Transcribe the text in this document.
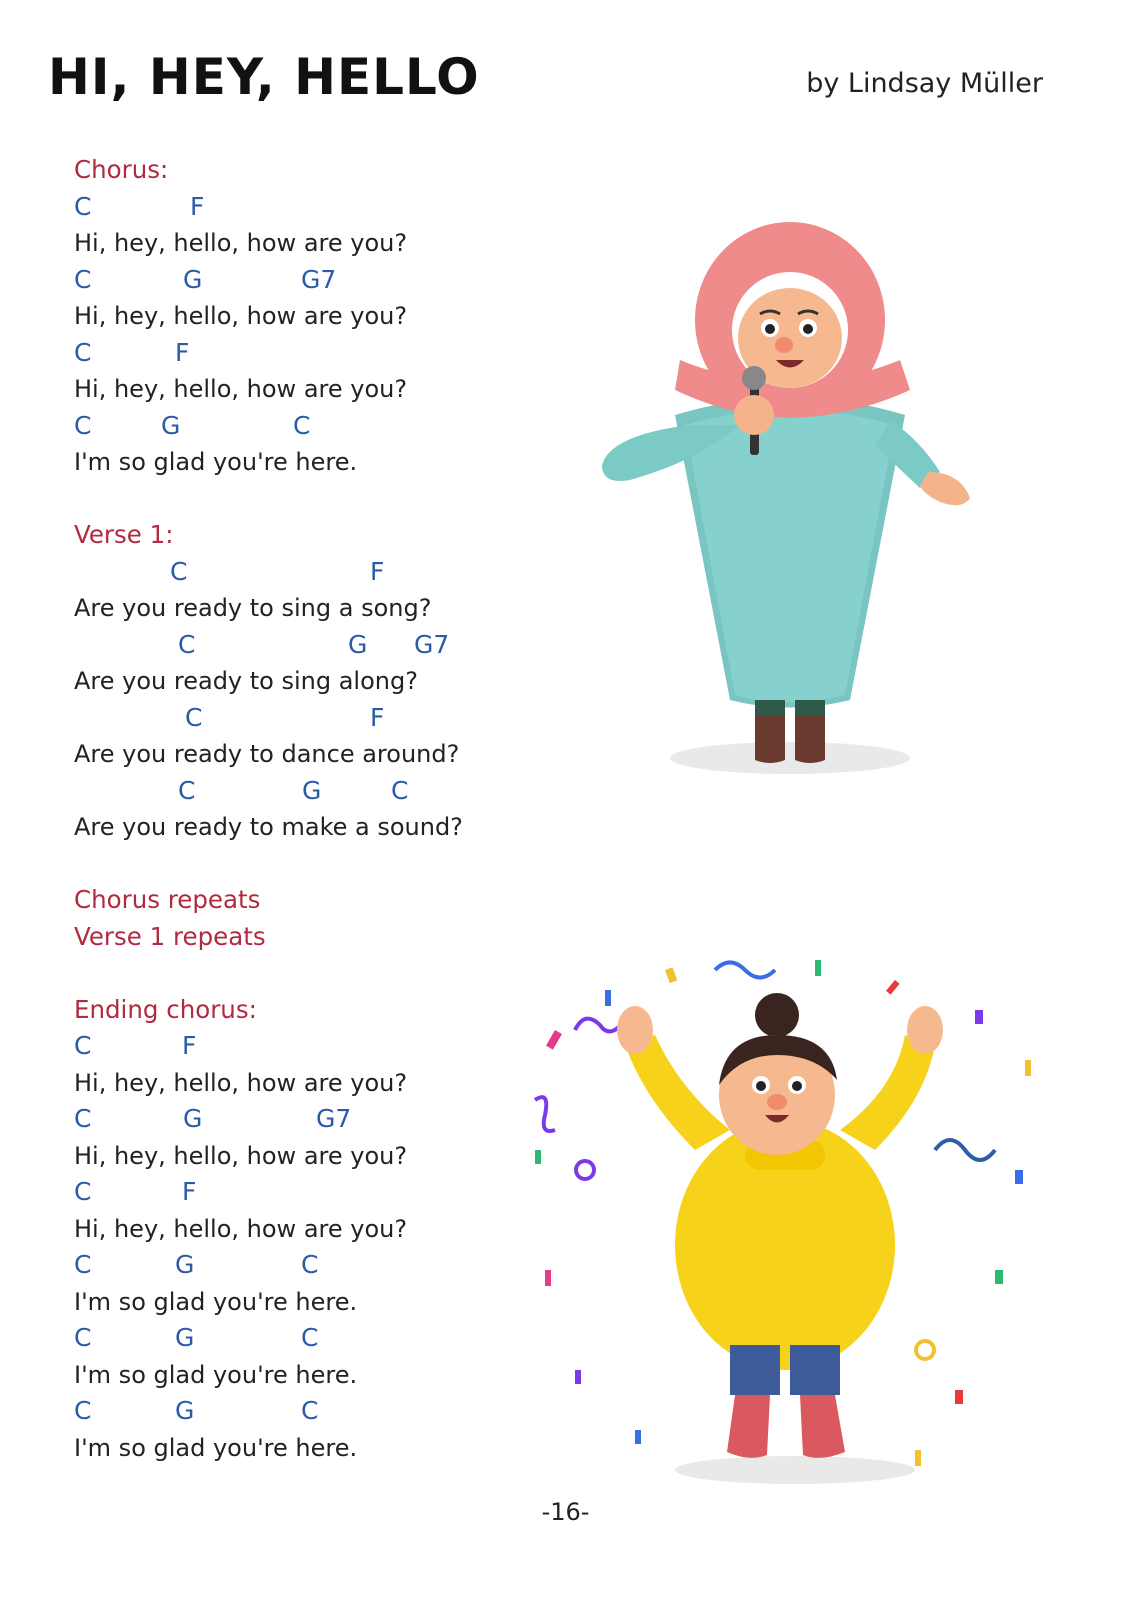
HI, HEY, HELLO	by Lindsay Müller
Chorus:
C	F
Hi, hey, hello, how are you?
C	G	G7
Hi, hey, hello, how are you?
C	F
Hi, hey, hello, how are you?
C	G	C
I'm so glad you're here.
Verse 1:
C	F
Are you ready to sing a song?
C	G G7
Are you ready to sing along?
C	F
Are you ready to dance around?
C	G	C
Are you ready to make a sound?
Chorus repeats
Verse 1 repeats
Ending chorus:
C	F
Hi, hey, hello, how are you?
C	G	G7
Hi, hey, hello, how are you?
C	F
Hi, hey, hello, how are you?
C	G	C
I'm so glad you're here.
C	G	C
I'm so glad you're here.
C	G	C
I'm so glad you're here.
-16-
